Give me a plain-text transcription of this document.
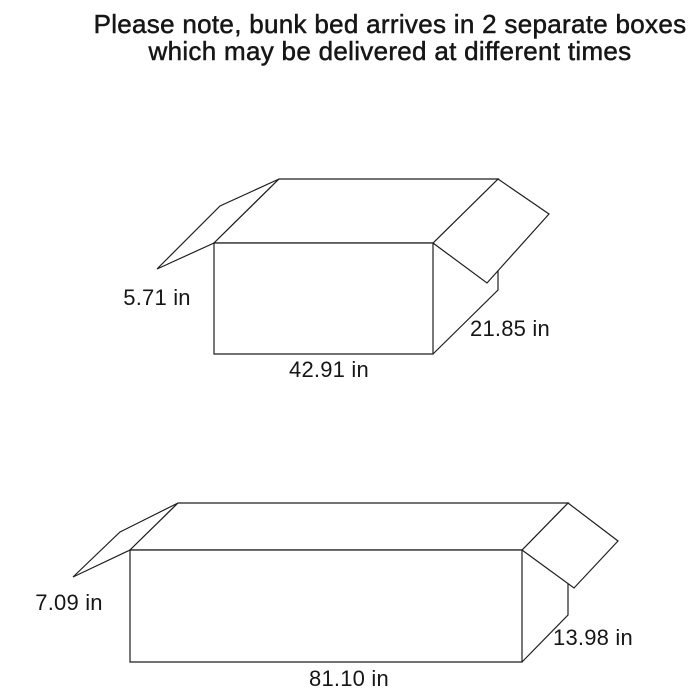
Please note, bunk bed arrives in 2 separate boxes
which may be delivered at different times
5.71 in
42.91 in
21.85 in
7.09 in
81.10 in
13.98 in
